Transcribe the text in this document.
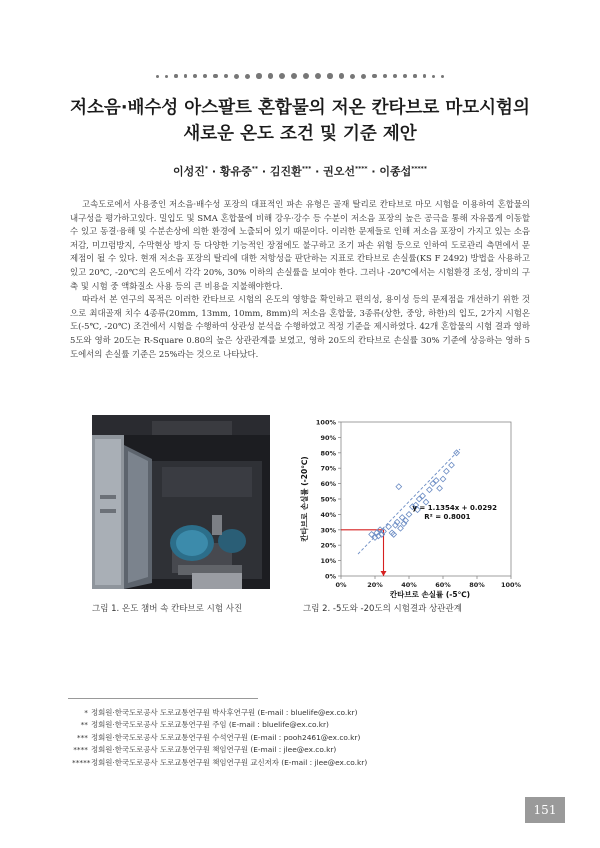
저소음·배수성 아스팔트 혼합물의 저온 칸타브로 마모시험의
새로운 온도 조건 및 기준 제안
이성진* · 황유중** · 김진환*** · 권오선**** · 이종섭*****

고속도로에서 사용중인 저소음·배수성 포장의 대표적인 파손 유형은 골재 탈리로 칸타브로 마모 시험을 이용하여 혼합물의 내구성을 평가하고있다. 밀입도 및 SMA 혼합물에 비해 강우·강수 등 수분이 저소음 포장의 높은 공극을 통해 자유롭게 이동할 수 있고 동결·융해 및 수분손상에 의한 환경에 노출되어 있기 때문이다. 이러한 문제들로 인해 저소음 포장이 가지고 있는 소음저감, 미끄럼방지, 수막현상 방지 등 다양한 기능적인 장점에도 불구하고 조기 파손 위험 등으로 인하여 도로관리 측면에서 문제점이 될 수 있다. 현재 저소음 포장의 탈리에 대한 저항성을 판단하는 지표로 칸타브로 손실률(KS F 2492) 방법을 사용하고 있고 20℃, -20℃의 온도에서 각각 20%, 30% 이하의 손실률을 보여야 한다. 그러나 -20℃에서는 시험환경 조성, 장비의 구축 및 시험 중 액화질소 사용 등의 큰 비용을 지불해야한다.

따라서 본 연구의 목적은 이러한 칸타브로 시험의 온도의 영향을 확인하고 편의성, 용이성 등의 문제점을 개선하기 위한 것으로 최대골재 치수 4종류(20mm, 13mm, 10mm, 8mm)의 저소음 혼합물, 3종류(상한, 중앙, 하한)의 입도, 2가지 시험온도(-5℃, -20℃) 조건에서 시험을 수행하여 상관성 분석을 수행하였고 적정 기준을 제시하였다. 42개 혼합물의 시험 결과 영하 5도와 영하 20도는 R-Square 0.80의 높은 상관관계를 보였고, 영하 20도의 칸타브로 손실률 30% 기준에 상응하는 영하 5도에서의 손실률 기준은 25%라는 것으로 나타났다.

0%
10%
20%
30%
40%
50%
60%
70%
80%
90%
100%
0%	20%	40%	60%	80% 100%
칸타브로 손실률 (-5℃)
칸타브로 손실률 (-20℃)	y = 1.1354x + 0.0292
R² = 0.8001
그림 1. 온도 챔버 속 칸타브로 시험 사진	그림 2. -5도와 -20도의 시험결과 상관관계
* 정회원·한국도로공사 도로교통연구원 박사후연구원 (E-mail : bluelife@ex.co.kr)
** 정회원·한국도로공사 도로교통연구원 주임 (E-mail : bluelife@ex.co.kr)
*** 정회원·한국도로공사 도로교통연구원 수석연구원 (E-mail : pooh2461@ex.co.kr)
**** 정회원·한국도로공사 도로교통연구원 책임연구원 (E-mail : jlee@ex.co.kr)
*****정회원·한국도로공사 도로교통연구원 책임연구원 교신저자 (E-mail : jlee@ex.co.kr)
151
